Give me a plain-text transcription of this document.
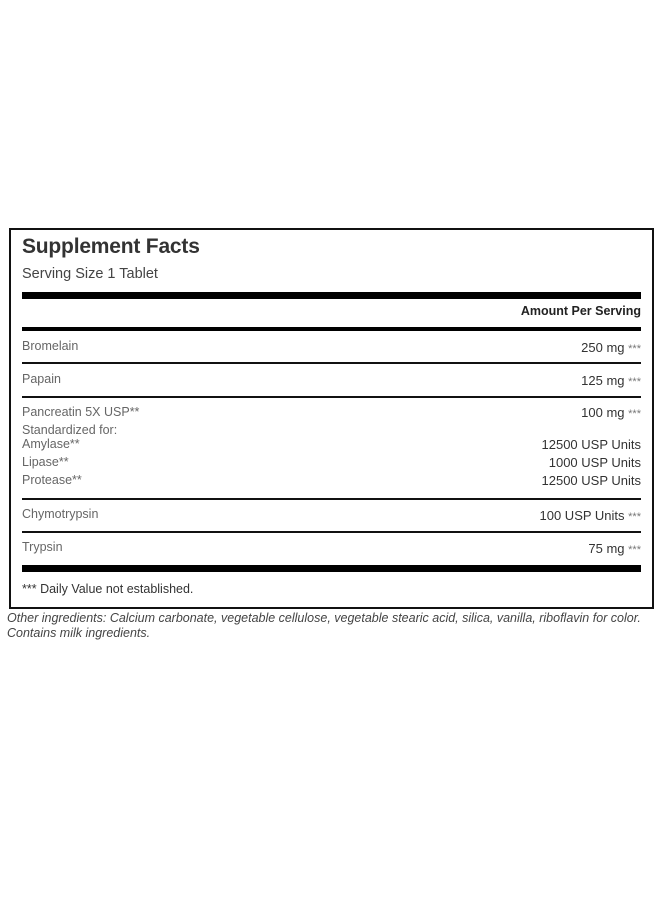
Supplement Facts
Serving Size 1 Tablet
Amount Per Serving
Bromelain	250 mg ***
Papain	125 mg ***
Pancreatin 5X USP**	100 mg ***
Standardized for:
Amylase**	12500 USP Units
Lipase**	1000 USP Units
Protease**	12500 USP Units
Chymotrypsin	100 USP Units ***
Trypsin	75 mg ***
*** Daily Value not established.
Other ingredients: Calcium carbonate, vegetable cellulose, vegetable stearic acid, silica, vanilla, riboflavin for color. Contains milk ingredients.
